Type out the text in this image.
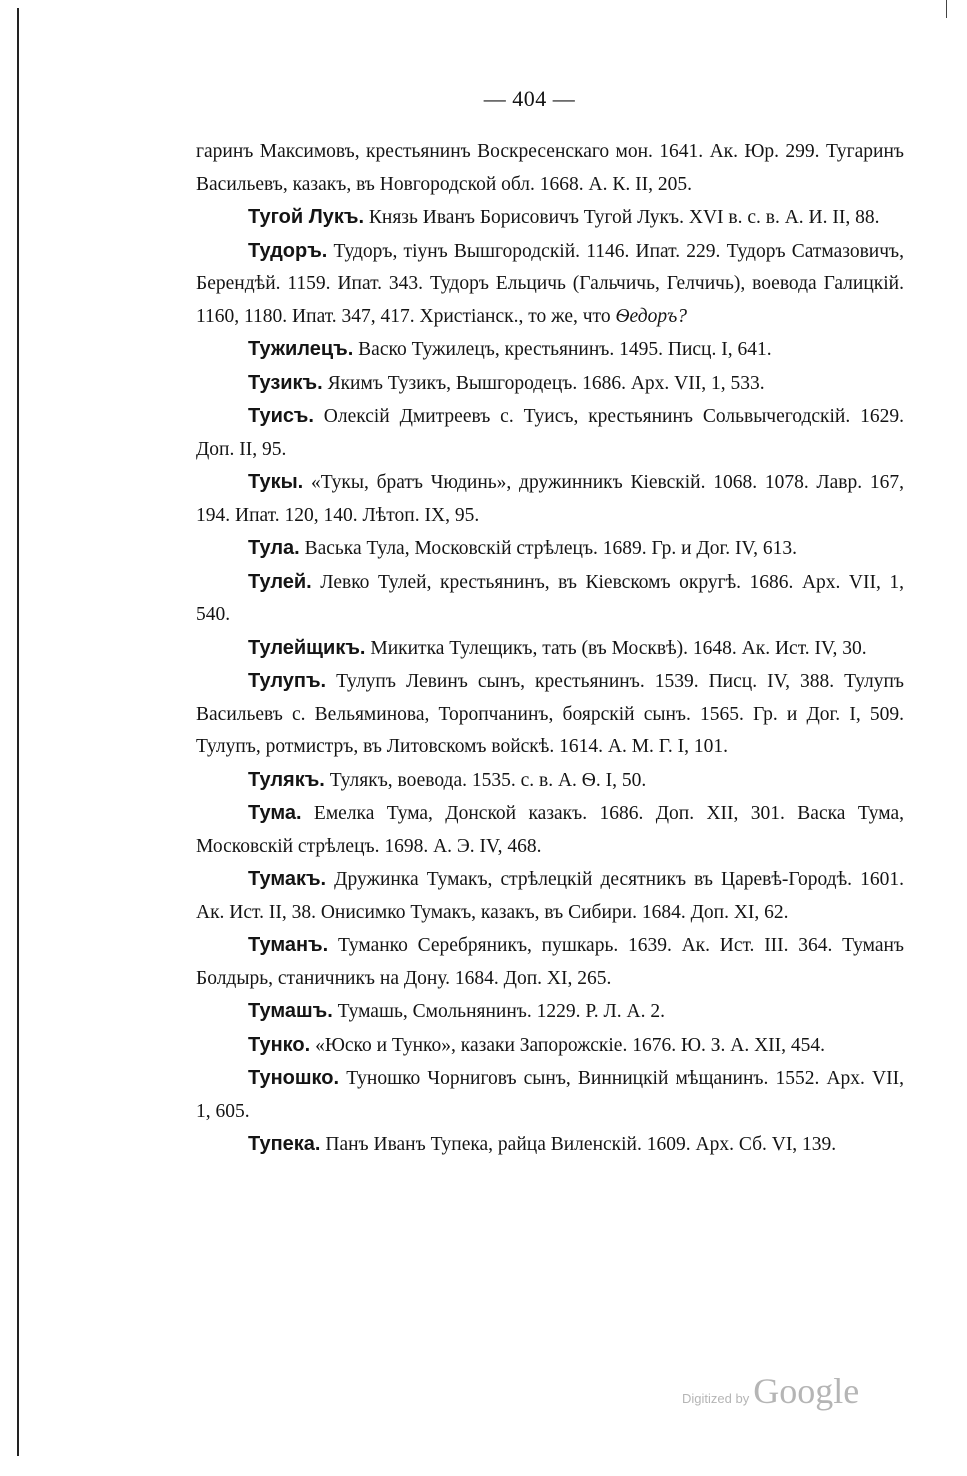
— 404 —

гаринъ Максимовъ, крестьянинъ Воскресенскаго мон. 1641. Ак. Юр. 299. Тугаринъ Васильевъ, казакъ, въ Новгородской обл. 1668. А. К. II, 205.

Тугой Лукъ. Князь Иванъ Борисовичъ Тугой Лукъ. XVI в. с. в. А. И. II, 88.

Тудоръ. Тудоръ, тіунъ Вышгородскій. 1146. Ипат. 229. Тудоръ Сатмазовичъ, Берендѣй. 1159. Ипат. 343. Тудоръ Ельцичь (Гальчичь, Гелчичь), воевода Галицкій. 1160, 1180. Ипат. 347, 417. Христіанск., то же, что Ѳедоръ?

Тужилецъ. Васко Тужилецъ, крестьянинъ. 1495. Писц. I, 641.

Тузикъ. Якимъ Тузикъ, Вышгородецъ. 1686. Арх. VII, 1, 533.

Туисъ. Олексій Дмитреевъ с. Туисъ, крестьянинъ Сольвычегодскій. 1629. Доп. II, 95.

Тукы. «Тукы, братъ Чюдинь», дружинникъ Кіевскій. 1068. 1078. Лавр. 167, 194. Ипат. 120, 140. Лѣтоп. IX, 95.

Тула. Васька Тула, Московскій стрѣлецъ. 1689. Гр. и Дог. IV, 613.

Тулей. Левко Тулей, крестьянинъ, въ Кіевскомъ округѣ. 1686. Арх. VII, 1, 540.

Тулейщикъ. Микитка Тулещикъ, тать (въ Москвѣ). 1648. Ак. Ист. IV, 30.

Тулупъ. Тулупъ Левинъ сынъ, крестьянинъ. 1539. Писц. IV, 388. Тулупъ Васильевъ с. Вельяминова, Торопчанинъ, боярскій сынъ. 1565. Гр. и Дог. I, 509. Тулупъ, ротмистръ, въ Литовскомъ войскѣ. 1614. А. М. Г. I, 101.

Тулякъ. Тулякъ, воевода. 1535. с. в. А. Ѳ. I, 50.

Тума. Емелка Тума, Донской казакъ. 1686. Доп. XII, 301. Васка Тума, Московскій стрѣлецъ. 1698. А. Э. IV, 468.

Тумакъ. Дружинка Тумакъ, стрѣлецкій десятникъ въ Царевѣ-Городѣ. 1601. Ак. Ист. II, 38. Онисимко Тумакъ, казакъ, въ Сибири. 1684. Доп. XI, 62.

Туманъ. Туманко Серебряникъ, пушкарь. 1639. Ак. Ист. III. 364. Туманъ Болдырь, станичникъ на Дону. 1684. Доп. XI, 265.

Тумашъ. Тумашь, Смольнянинъ. 1229. Р. Л. А. 2.

Тунко. «Юско и Тунко», казаки Запорожскіе. 1676. Ю. З. А. XII, 454.

Туношко. Туношко Чорниговъ сынъ, Винницкій мѣщанинъ. 1552. Арх. VII, 1, 605.

Тупека. Панъ Иванъ Тупека, райца Виленскій. 1609. Арх. Сб. VI, 139.

Digitized by Google
